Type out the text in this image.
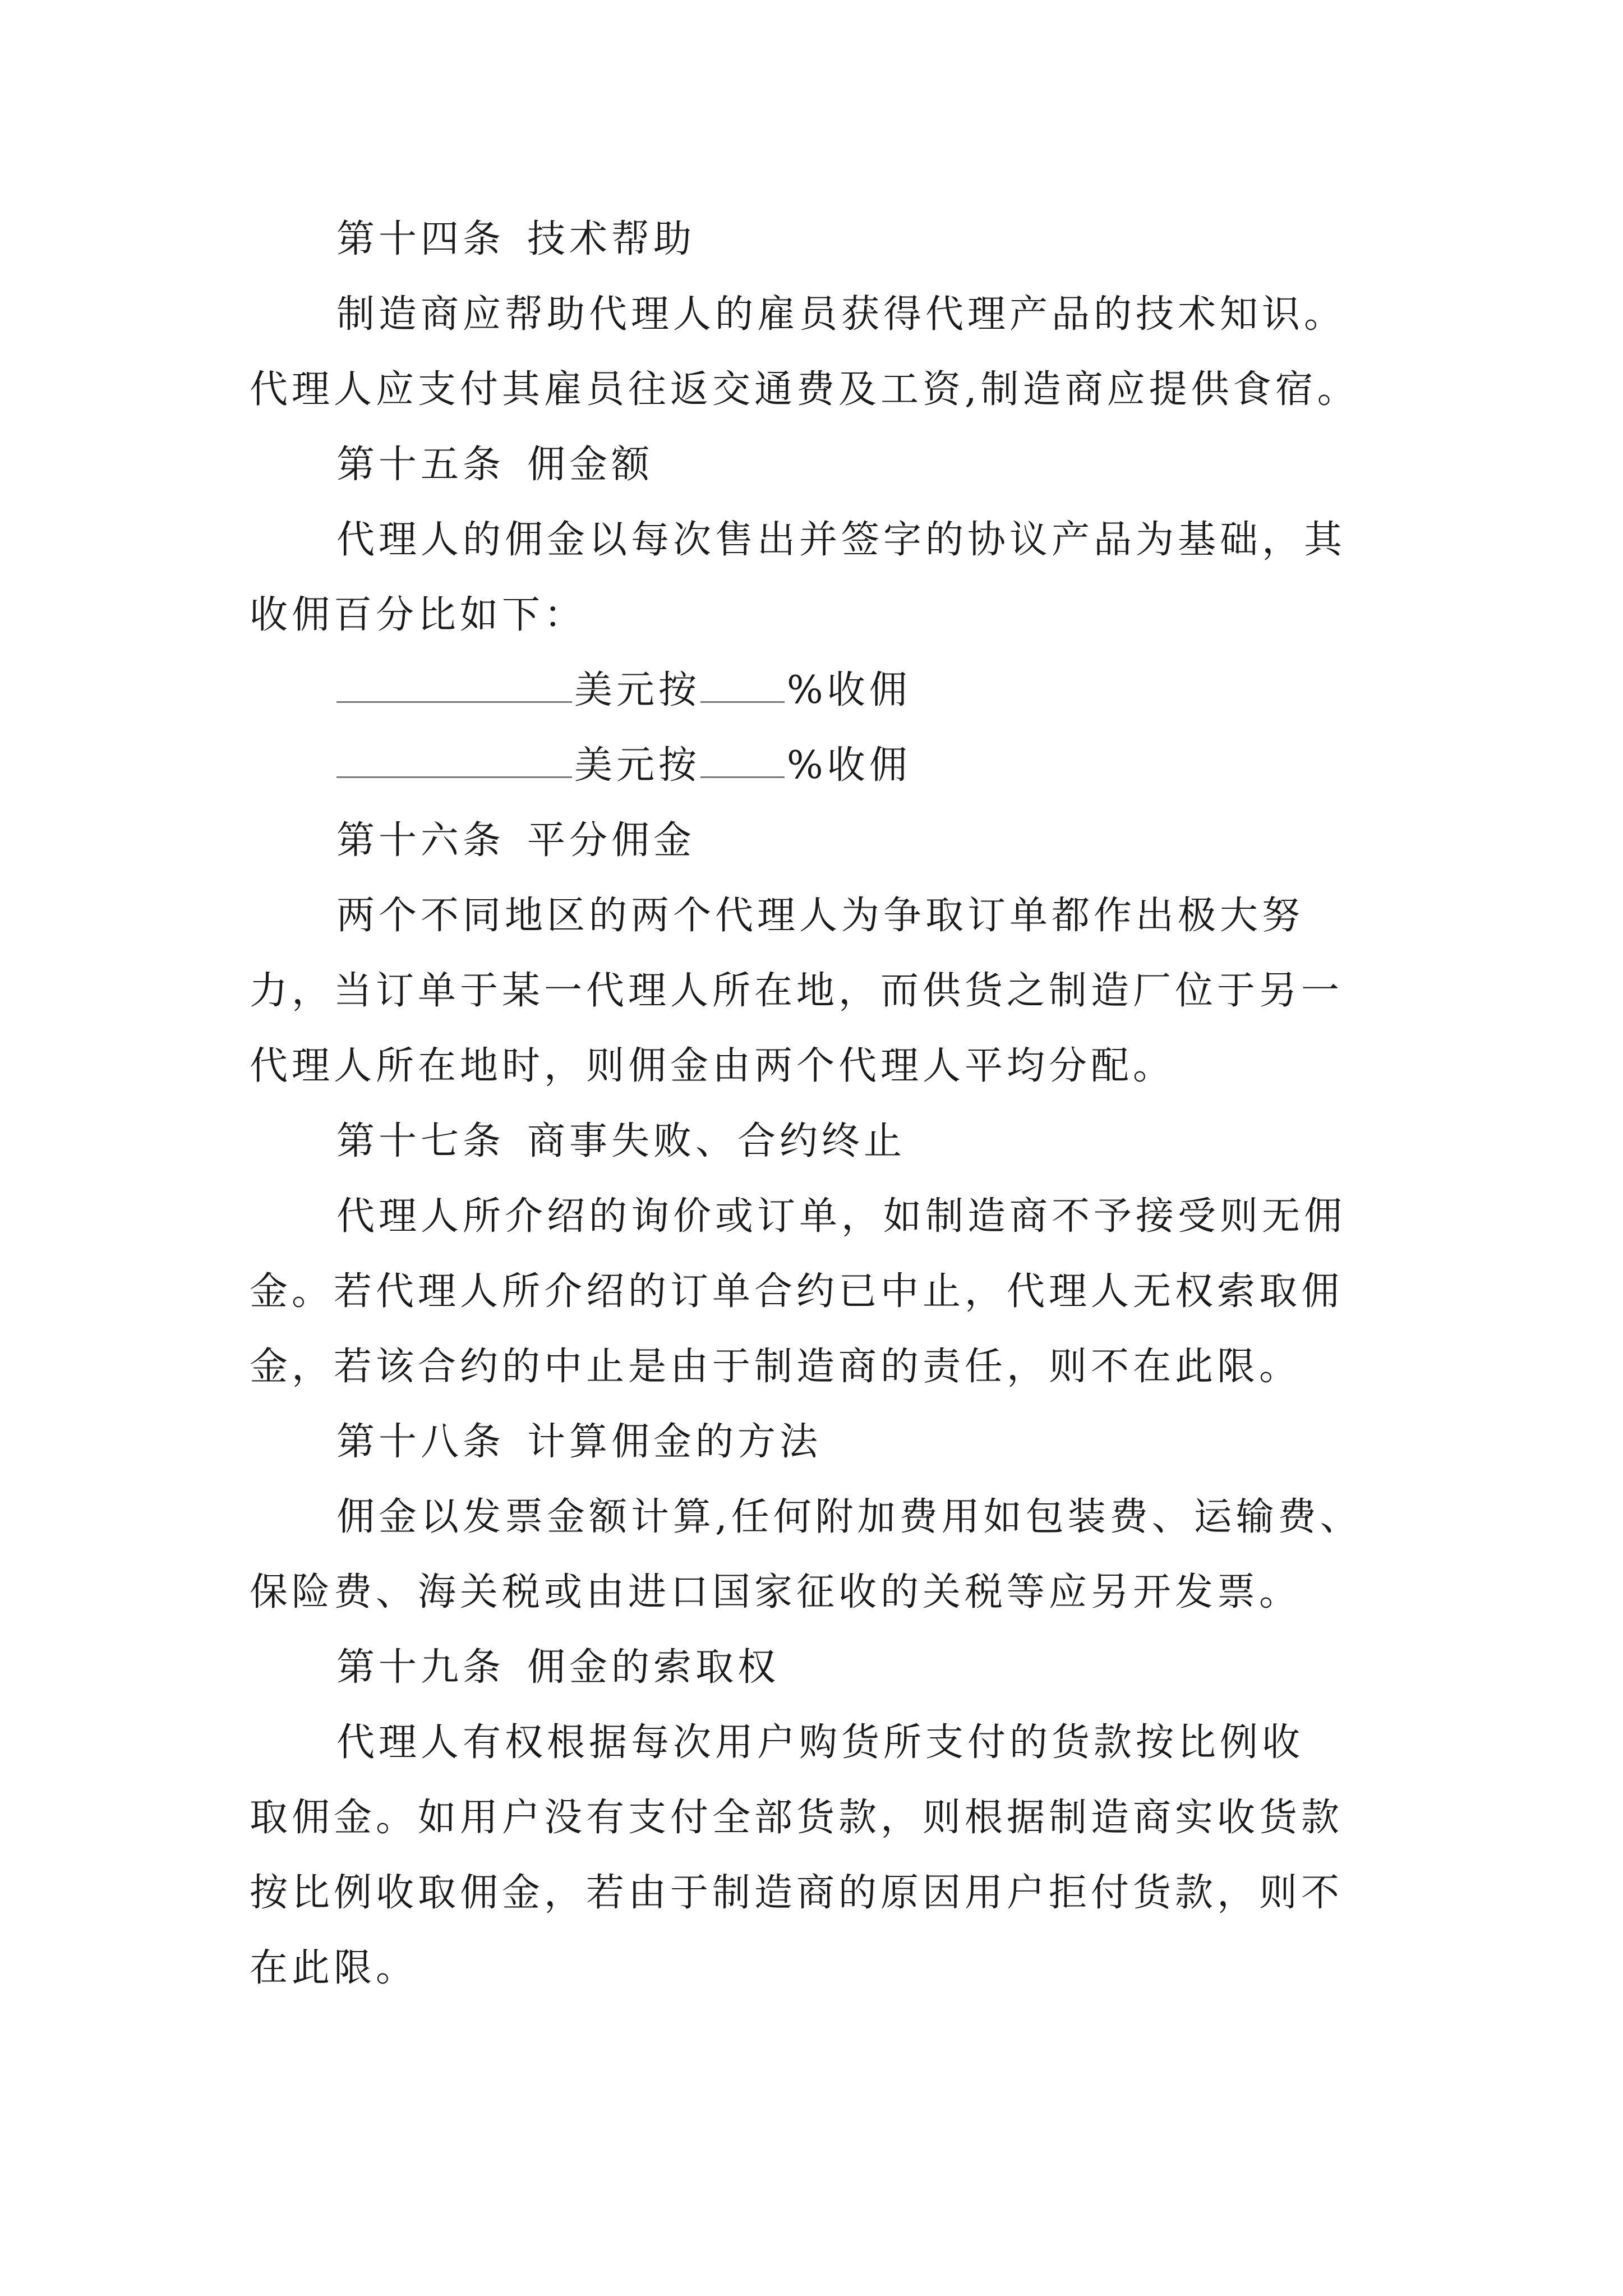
第十四条 技术帮助
制造商应帮助代理人的雇员获得代理产品的技术知识。
代理人应支付其雇员往返交通费及工资,制造商应提供食宿。
第十五条 佣金额
代理人的佣金以每次售出并签字的协议产品为基础，其
收佣百分比如下：
美元按 %收佣
美元按 %收佣
第十六条 平分佣金
两个不同地区的两个代理人为争取订单都作出极大努
力，当订单于某一代理人所在地，而供货之制造厂位于另一
代理人所在地时，则佣金由两个代理人平均分配。
第十七条 商事失败、合约终止
代理人所介绍的询价或订单，如制造商不予接受则无佣
金。若代理人所介绍的订单合约已中止，代理人无权索取佣
金，若该合约的中止是由于制造商的责任，则不在此限。
第十八条 计算佣金的方法
佣金以发票金额计算,任何附加费用如包装费、运输费、
保险费、海关税或由进口国家征收的关税等应另开发票。
第十九条 佣金的索取权
代理人有权根据每次用户购货所支付的货款按比例收
取佣金。如用户没有支付全部货款，则根据制造商实收货款
按比例收取佣金，若由于制造商的原因用户拒付货款，则不
在此限。
